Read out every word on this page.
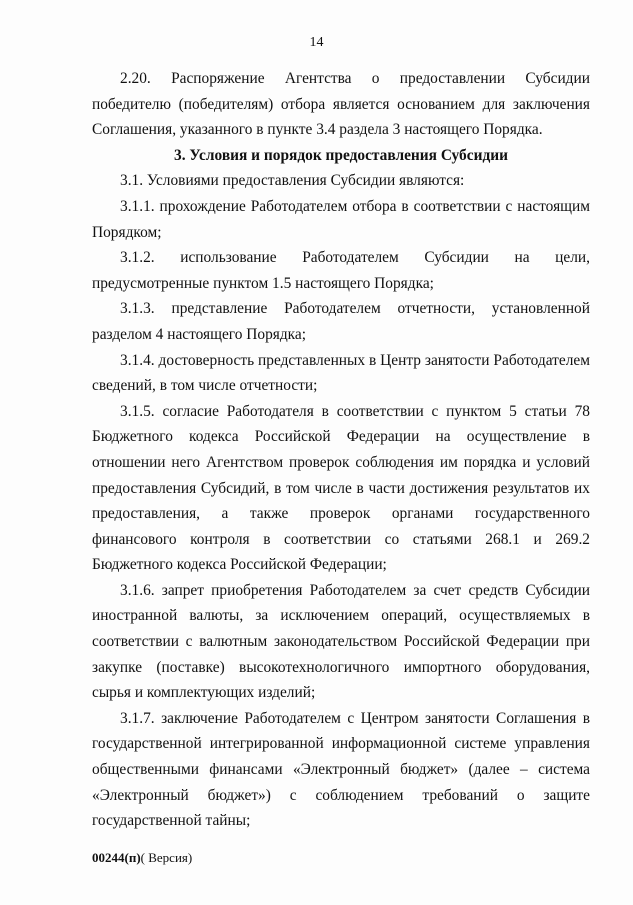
14

2.20. Распоряжение Агентства о предоставлении Субсидии победителю (победителям) отбора является основанием для заключения Соглашения, указанного в пункте 3.4 раздела 3 настоящего Порядка.

3. Условия и порядок предоставления Субсидии

3.1. Условиями предоставления Субсидии являются:

3.1.1. прохождение Работодателем отбора в соответствии с настоящим Порядком;

3.1.2. использование Работодателем Субсидии на цели, предусмотренные пунктом 1.5 настоящего Порядка;

3.1.3. представление Работодателем отчетности, установленной разделом 4 настоящего Порядка;

3.1.4. достоверность представленных в Центр занятости Работодателем сведений, в том числе отчетности;

3.1.5. согласие Работодателя в соответствии с пунктом 5 статьи 78 Бюджетного кодекса Российской Федерации на осуществление в отношении него Агентством проверок соблюдения им порядка и условий предоставления Субсидий, в том числе в части достижения результатов их предоставления, а также проверок органами государственного финансового контроля в соответствии со статьями 268.1 и 269.2 Бюджетного кодекса Российской Федерации;

3.1.6. запрет приобретения Работодателем за счет средств Субсидии иностранной валюты, за исключением операций, осуществляемых в соответствии с валютным законодательством Российской Федерации при закупке (поставке) высокотехнологичного импортного оборудования, сырья и комплектующих изделий;

3.1.7. заключение Работодателем с Центром занятости Соглашения в государственной интегрированной информационной системе управления общественными финансами «Электронный бюджет» (далее – система «Электронный бюджет») с соблюдением требований о защите государственной тайны;

00244(п)( Версия)
